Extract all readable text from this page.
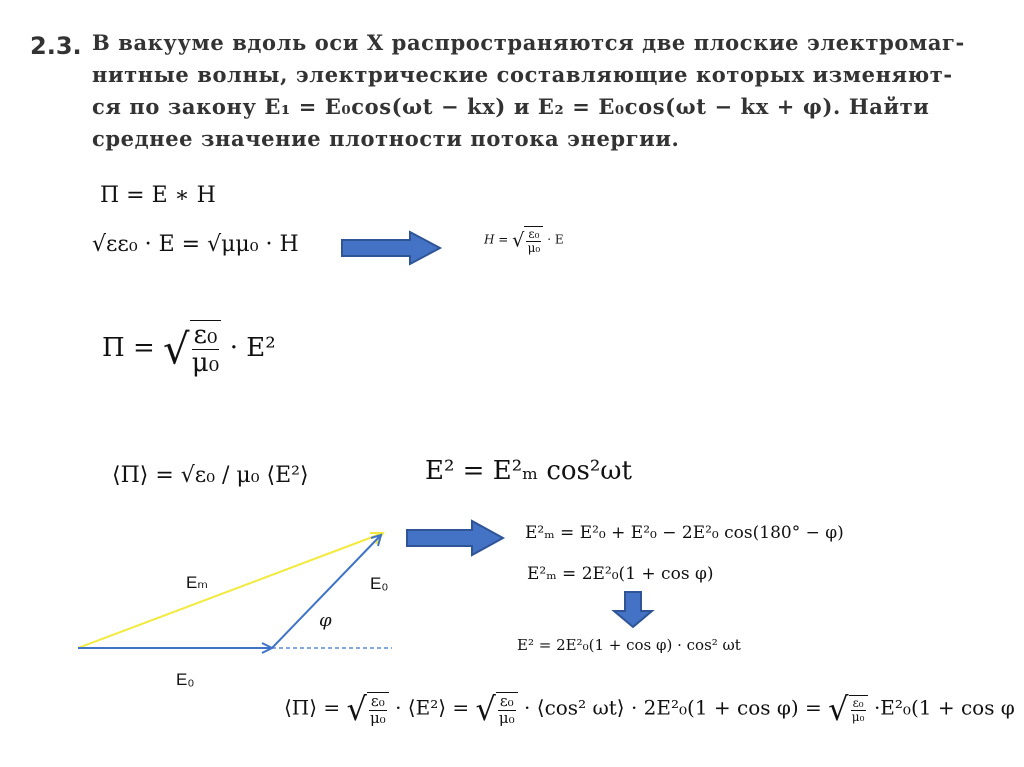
2.3. В вакууме вдоль оси X распространяются две плоские электромаг-
нитные волны, электрические составляющие которых изменяют-
ся по закону E₁ = E₀cos(ωt − kx) и E₂ = E₀cos(ωt − kx + φ). Найти
среднее значение плотности потока энергии.
Π = E ∗ H
√εε₀ · E = √μμ₀ · H	H = √ $\frac{\text{ε₀}}{\text{μ₀}} \cdot E$
Π = √ $\frac{\text{ε₀}}{\text{μ₀}} \cdot E^2$
⟨Π⟩ = √ε₀ / μ₀ ⟨E²⟩	E² = E²ₘ cos²ωt
E²ₘ = E²₀ + E²₀ − 2E²₀ cos(180° − φ)
E²ₘ = 2E²₀(1 + cos φ)
E² = 2E²₀(1 + cos φ) · cos² ωt
⟨Π⟩ = √ $\frac{\text{ε₀}}{\text{μ₀}}$ · ⟨E²⟩ = √ $\frac{\text{ε₀}}{\text{μ₀}}$ · ⟨cos² ωt⟩ · 2E²₀(1 + cos φ) = √ $\frac{\text{ε₀}}{\text{μ₀}} \cdot E^2_0(1 + \cos \varphi$
Eₘ	E₀
E₀
φ
